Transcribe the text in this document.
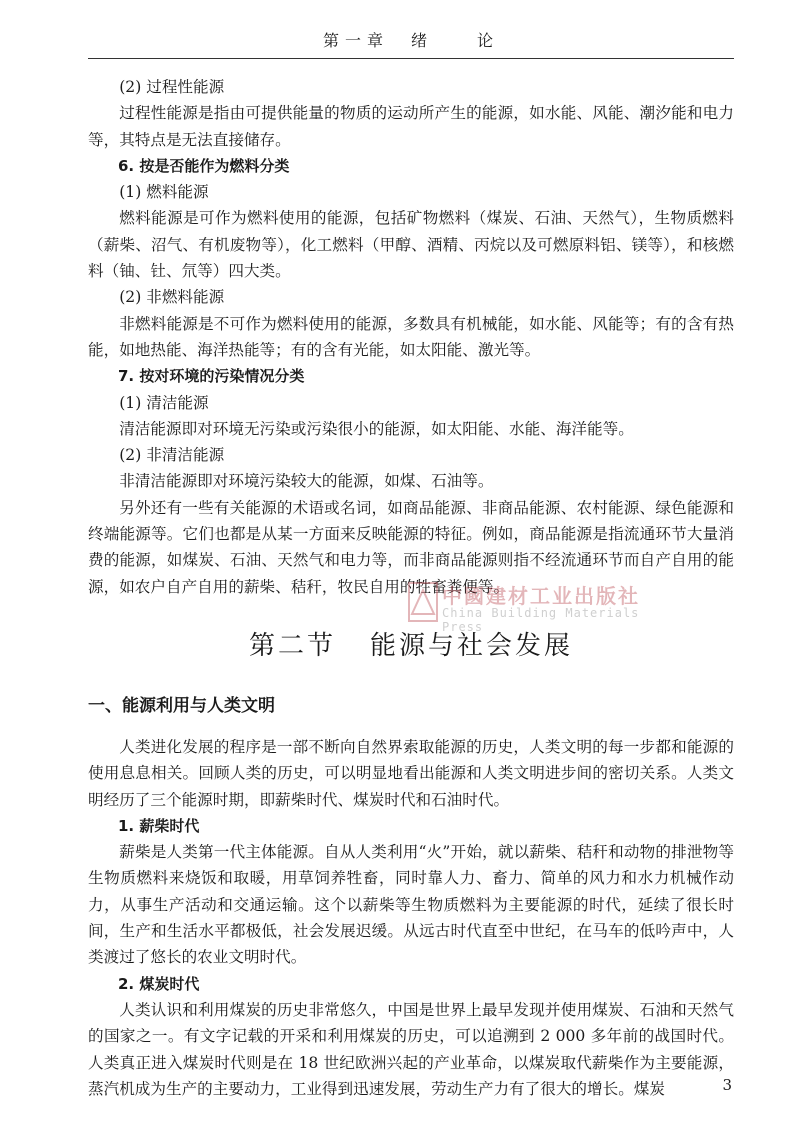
第一章　绪　　论

(2) 过程性能源

过程性能源是指由可提供能量的物质的运动所产生的能源，如水能、风能、潮汐能和电力等，其特点是无法直接储存。

6. 按是否能作为燃料分类

(1) 燃料能源

燃料能源是可作为燃料使用的能源，包括矿物燃料（煤炭、石油、天然气），生物质燃料（薪柴、沼气、有机废物等），化工燃料（甲醇、酒精、丙烷以及可燃原料铝、镁等），和核燃料（铀、钍、氘等）四大类。

(2) 非燃料能源

非燃料能源是不可作为燃料使用的能源，多数具有机械能，如水能、风能等；有的含有热能，如地热能、海洋热能等；有的含有光能，如太阳能、激光等。

7. 按对环境的污染情况分类

(1) 清洁能源

清洁能源即对环境无污染或污染很小的能源，如太阳能、水能、海洋能等。

(2) 非清洁能源

非清洁能源即对环境污染较大的能源，如煤、石油等。

另外还有一些有关能源的术语或名词，如商品能源、非商品能源、农村能源、绿色能源和终端能源等。它们也都是从某一方面来反映能源的特征。例如，商品能源是指流通环节大量消费的能源，如煤炭、石油、天然气和电力等，而非商品能源则指不经流通环节而自产自用的能源，如农户自产自用的薪柴、秸秆，牧民自用的牲畜粪便等。

第二节 能源与社会发展
一、能源利用与人类文明

人类进化发展的程序是一部不断向自然界索取能源的历史，人类文明的每一步都和能源的使用息息相关。回顾人类的历史，可以明显地看出能源和人类文明进步间的密切关系。人类文明经历了三个能源时期，即薪柴时代、煤炭时代和石油时代。

1. 薪柴时代

薪柴是人类第一代主体能源。自从人类利用“火”开始，就以薪柴、秸秆和动物的排泄物等生物质燃料来烧饭和取暖，用草饲养牲畜，同时靠人力、畜力、简单的风力和水力机械作动力，从事生产活动和交通运输。这个以薪柴等生物质燃料为主要能源的时代，延续了很长时间，生产和生活水平都极低，社会发展迟缓。从远古时代直至中世纪，在马车的低吟声中，人类渡过了悠长的农业文明时代。

2. 煤炭时代

人类认识和利用煤炭的历史非常悠久，中国是世界上最早发现并使用煤炭、石油和天然气的国家之一。有文字记载的开采和利用煤炭的历史，可以追溯到 2 000 多年前的战国时代。人类真正进入煤炭时代则是在 18 世纪欧洲兴起的产业革命，以煤炭取代薪柴作为主要能源，蒸汽机成为生产的主要动力，工业得到迅速发展，劳动生产力有了很大的增长。煤炭

中國建材工业出版社
China Building Materials Press
3
